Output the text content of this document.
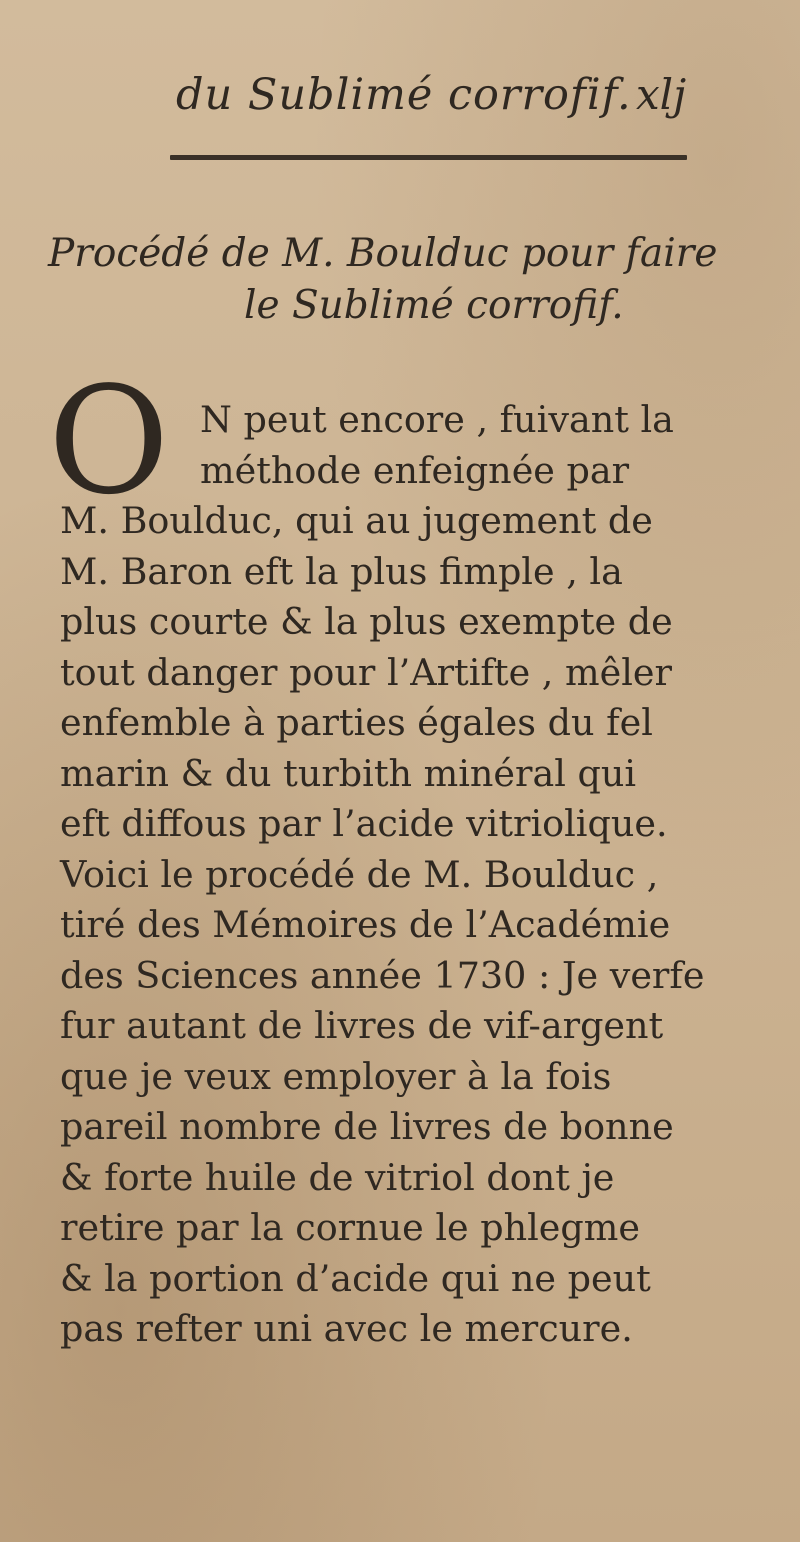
du Sublimé corrofif. xlj
Procédé de M. Boulduc pour faire
le Sublimé corrofif.
O N peut encore , fuivant la
méthode enfeignée par
M. Boulduc, qui au jugement de
M. Baron eft la plus fimple , la
plus courte & la plus exempte de
tout danger pour l’Artifte , mêler
enfemble à parties égales du fel
marin & du turbith minéral qui
eft diffous par l’acide vitriolique.
Voici le procédé de M. Boulduc ,
tiré des Mémoires de l’Académie
des Sciences année 1730 : Je verfe
fur autant de livres de vif-argent
que je veux employer à la fois
pareil nombre de livres de bonne
& forte huile de vitriol dont je
retire par la cornue le phlegme
& la portion d’acide qui ne peut
pas refter uni avec le mercure.
